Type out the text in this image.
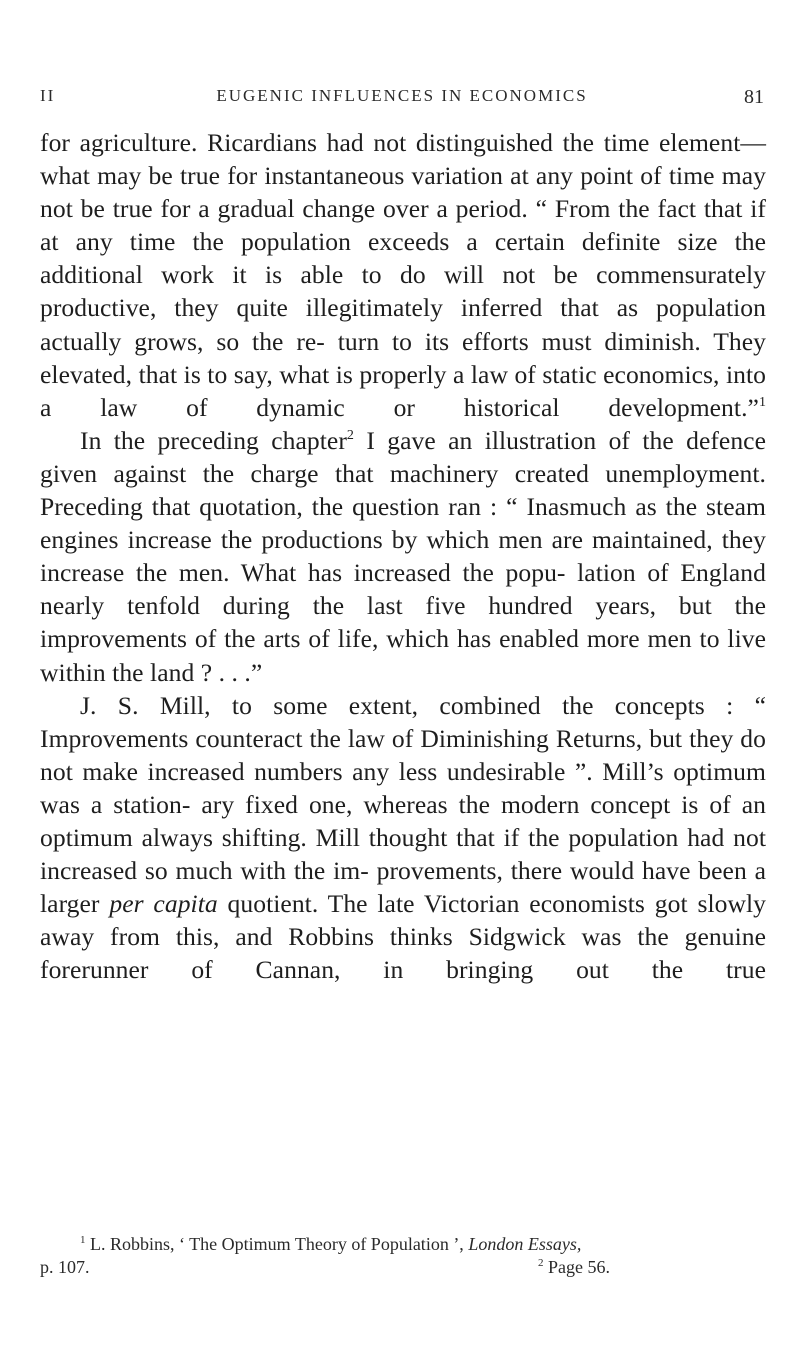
II	EUGENIC INFLUENCES IN ECONOMICS	81

for agriculture. Ricardians had not distinguished the time element—what may be true for instantaneous variation at any point of time may not be true for a gradual change over a period. “ From the fact that if at any time the population exceeds a certain definite size the additional work it is able to do will not be commensurately productive, they quite illegitimately inferred that as population actually grows, so the re- turn to its efforts must diminish. They elevated, that is to say, what is properly a law of static economics, into a law of dynamic or historical development.”$^1$

In the preceding chapter$^2$ I gave an illustration of the defence given against the charge that machinery created unemployment. Preceding that quotation, the question ran : “ Inasmuch as the steam engines increase the productions by which men are maintained, they increase the men. What has increased the popu- lation of England nearly tenfold during the last five hundred years, but the improvements of the arts of life, which has enabled more men to live within the land ? . . .”

J. S. Mill, to some extent, combined the concepts : “ Improvements counteract the law of Diminishing Returns, but they do not make increased numbers any less undesirable ”. Mill’s optimum was a station- ary fixed one, whereas the modern concept is of an optimum always shifting. Mill thought that if the population had not increased so much with the im- provements, there would have been a larger per capita quotient. The late Victorian economists got slowly away from this, and Robbins thinks Sidgwick was the genuine forerunner of Cannan, in bringing out the true

$^1$ L. Robbins, ‘ The Optimum Theory of Population ’, London Essays,
p. 107.	$^2$ Page 56.
